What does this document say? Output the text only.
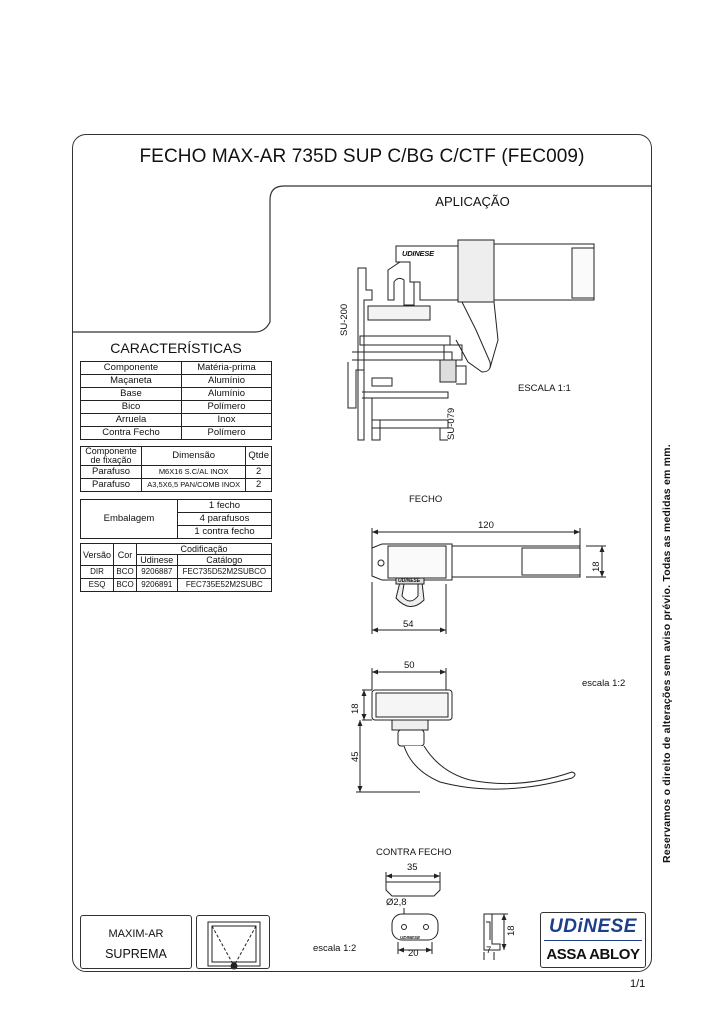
FECHO MAX-AR 735D SUP C/BG C/CTF (FEC009)
APLICAÇÃO
SU-200
SU-079
ESCALA 1:1
UDINESE
CARACTERÍSTICAS
Componente	Matéria-prima
Maçaneta	Alumínio
Base	Alumínio
Bico	Polímero
Arruela	Inox
Contra Fecho	Polímero
Componente de fixação	Dimensão	Qtde
Parafuso	M6X16 S.C/AL INOX	2
Parafuso	A3,5X6,5 PAN/COMB INOX	2
Embalagem	1 fecho
4 parafusos
1 contra fecho
Versão	Cor	Codificação	
		Udinese	Catálogo
DIR	BCO	9206887	FEC735D52M2SUBCO
ESQ	BCO	9206891	FEC735E52M2SUBC
FECHO
120
18
54
UDINESE
50
18
45
escala 1:2
CONTRA FECHO
35
Ø2,8
20
18
7
escala 1:2
UDINESE
MAXIM-AR
SUPREMA
UDiNESE
ASSA ABLOY
Reservamos o direito de alterações sem aviso prévio. Todas as medidas em mm.
1/1
